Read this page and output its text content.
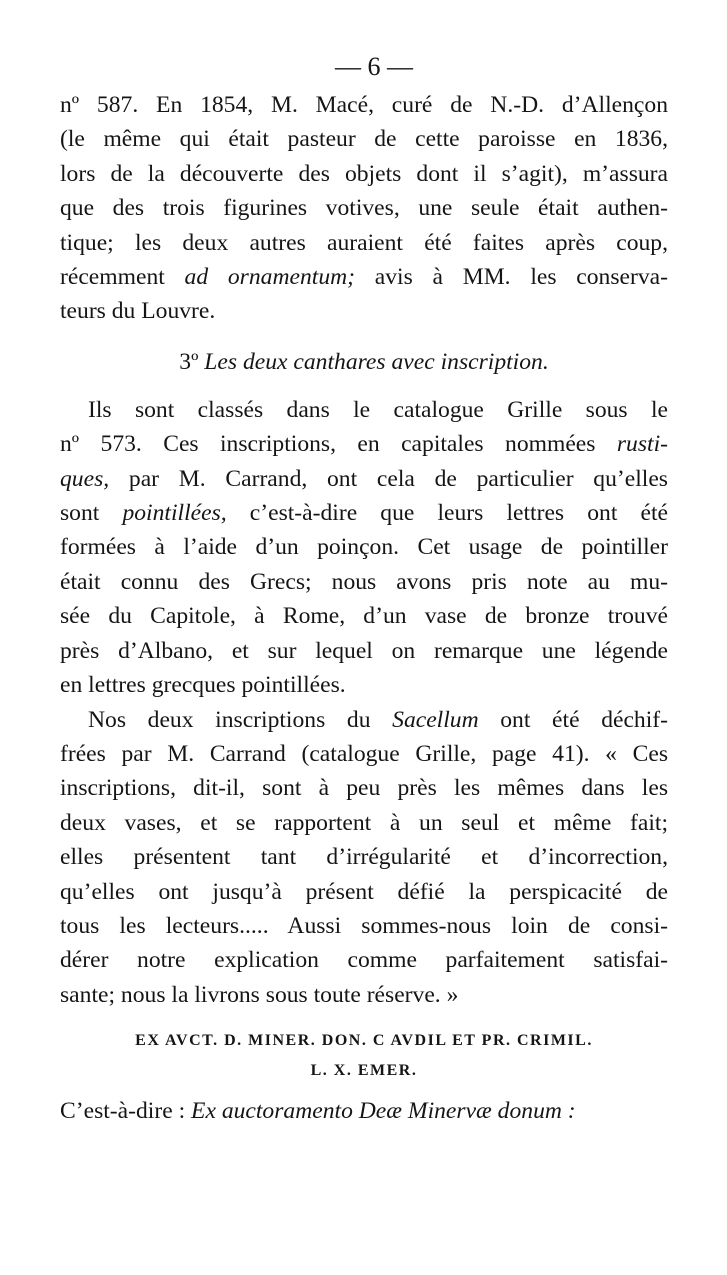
— 6 —
nº 587. En 1854, M. Macé, curé de N.-D. d’Allençon
(le même qui était pasteur de cette paroisse en 1836,
lors de la découverte des objets dont il s’agit), m’assura
que des trois figurines votives, une seule était authen-
tique; les deux autres auraient été faites après coup,
récemment ad ornamentum; avis à MM. les conserva-
teurs du Louvre.
3º Les deux canthares avec inscription.
Ils sont classés dans le catalogue Grille sous le
nº 573. Ces inscriptions, en capitales nommées rusti-
ques, par M. Carrand, ont cela de particulier qu’elles
sont pointillées, c’est-à-dire que leurs lettres ont été
formées à l’aide d’un poinçon. Cet usage de pointiller
était connu des Grecs; nous avons pris note au mu-
sée du Capitole, à Rome, d’un vase de bronze trouvé
près d’Albano, et sur lequel on remarque une légende
en lettres grecques pointillées.
Nos deux inscriptions du Sacellum ont été déchif-
frées par M. Carrand (catalogue Grille, page 41). « Ces
inscriptions, dit-il, sont à peu près les mêmes dans les
deux vases, et se rapportent à un seul et même fait;
elles présentent tant d’irrégularité et d’incorrection,
qu’elles ont jusqu’à présent défié la perspicacité de
tous les lecteurs..... Aussi sommes-nous loin de consi-
dérer notre explication comme parfaitement satisfai-
sante; nous la livrons sous toute réserve. »
EX AVCT. D. MINER. DON. C AVDIL ET PR. CRIMIL.
L. X. EMER.
C’est-à-dire : Ex auctoramento Deæ Minervæ donum :
